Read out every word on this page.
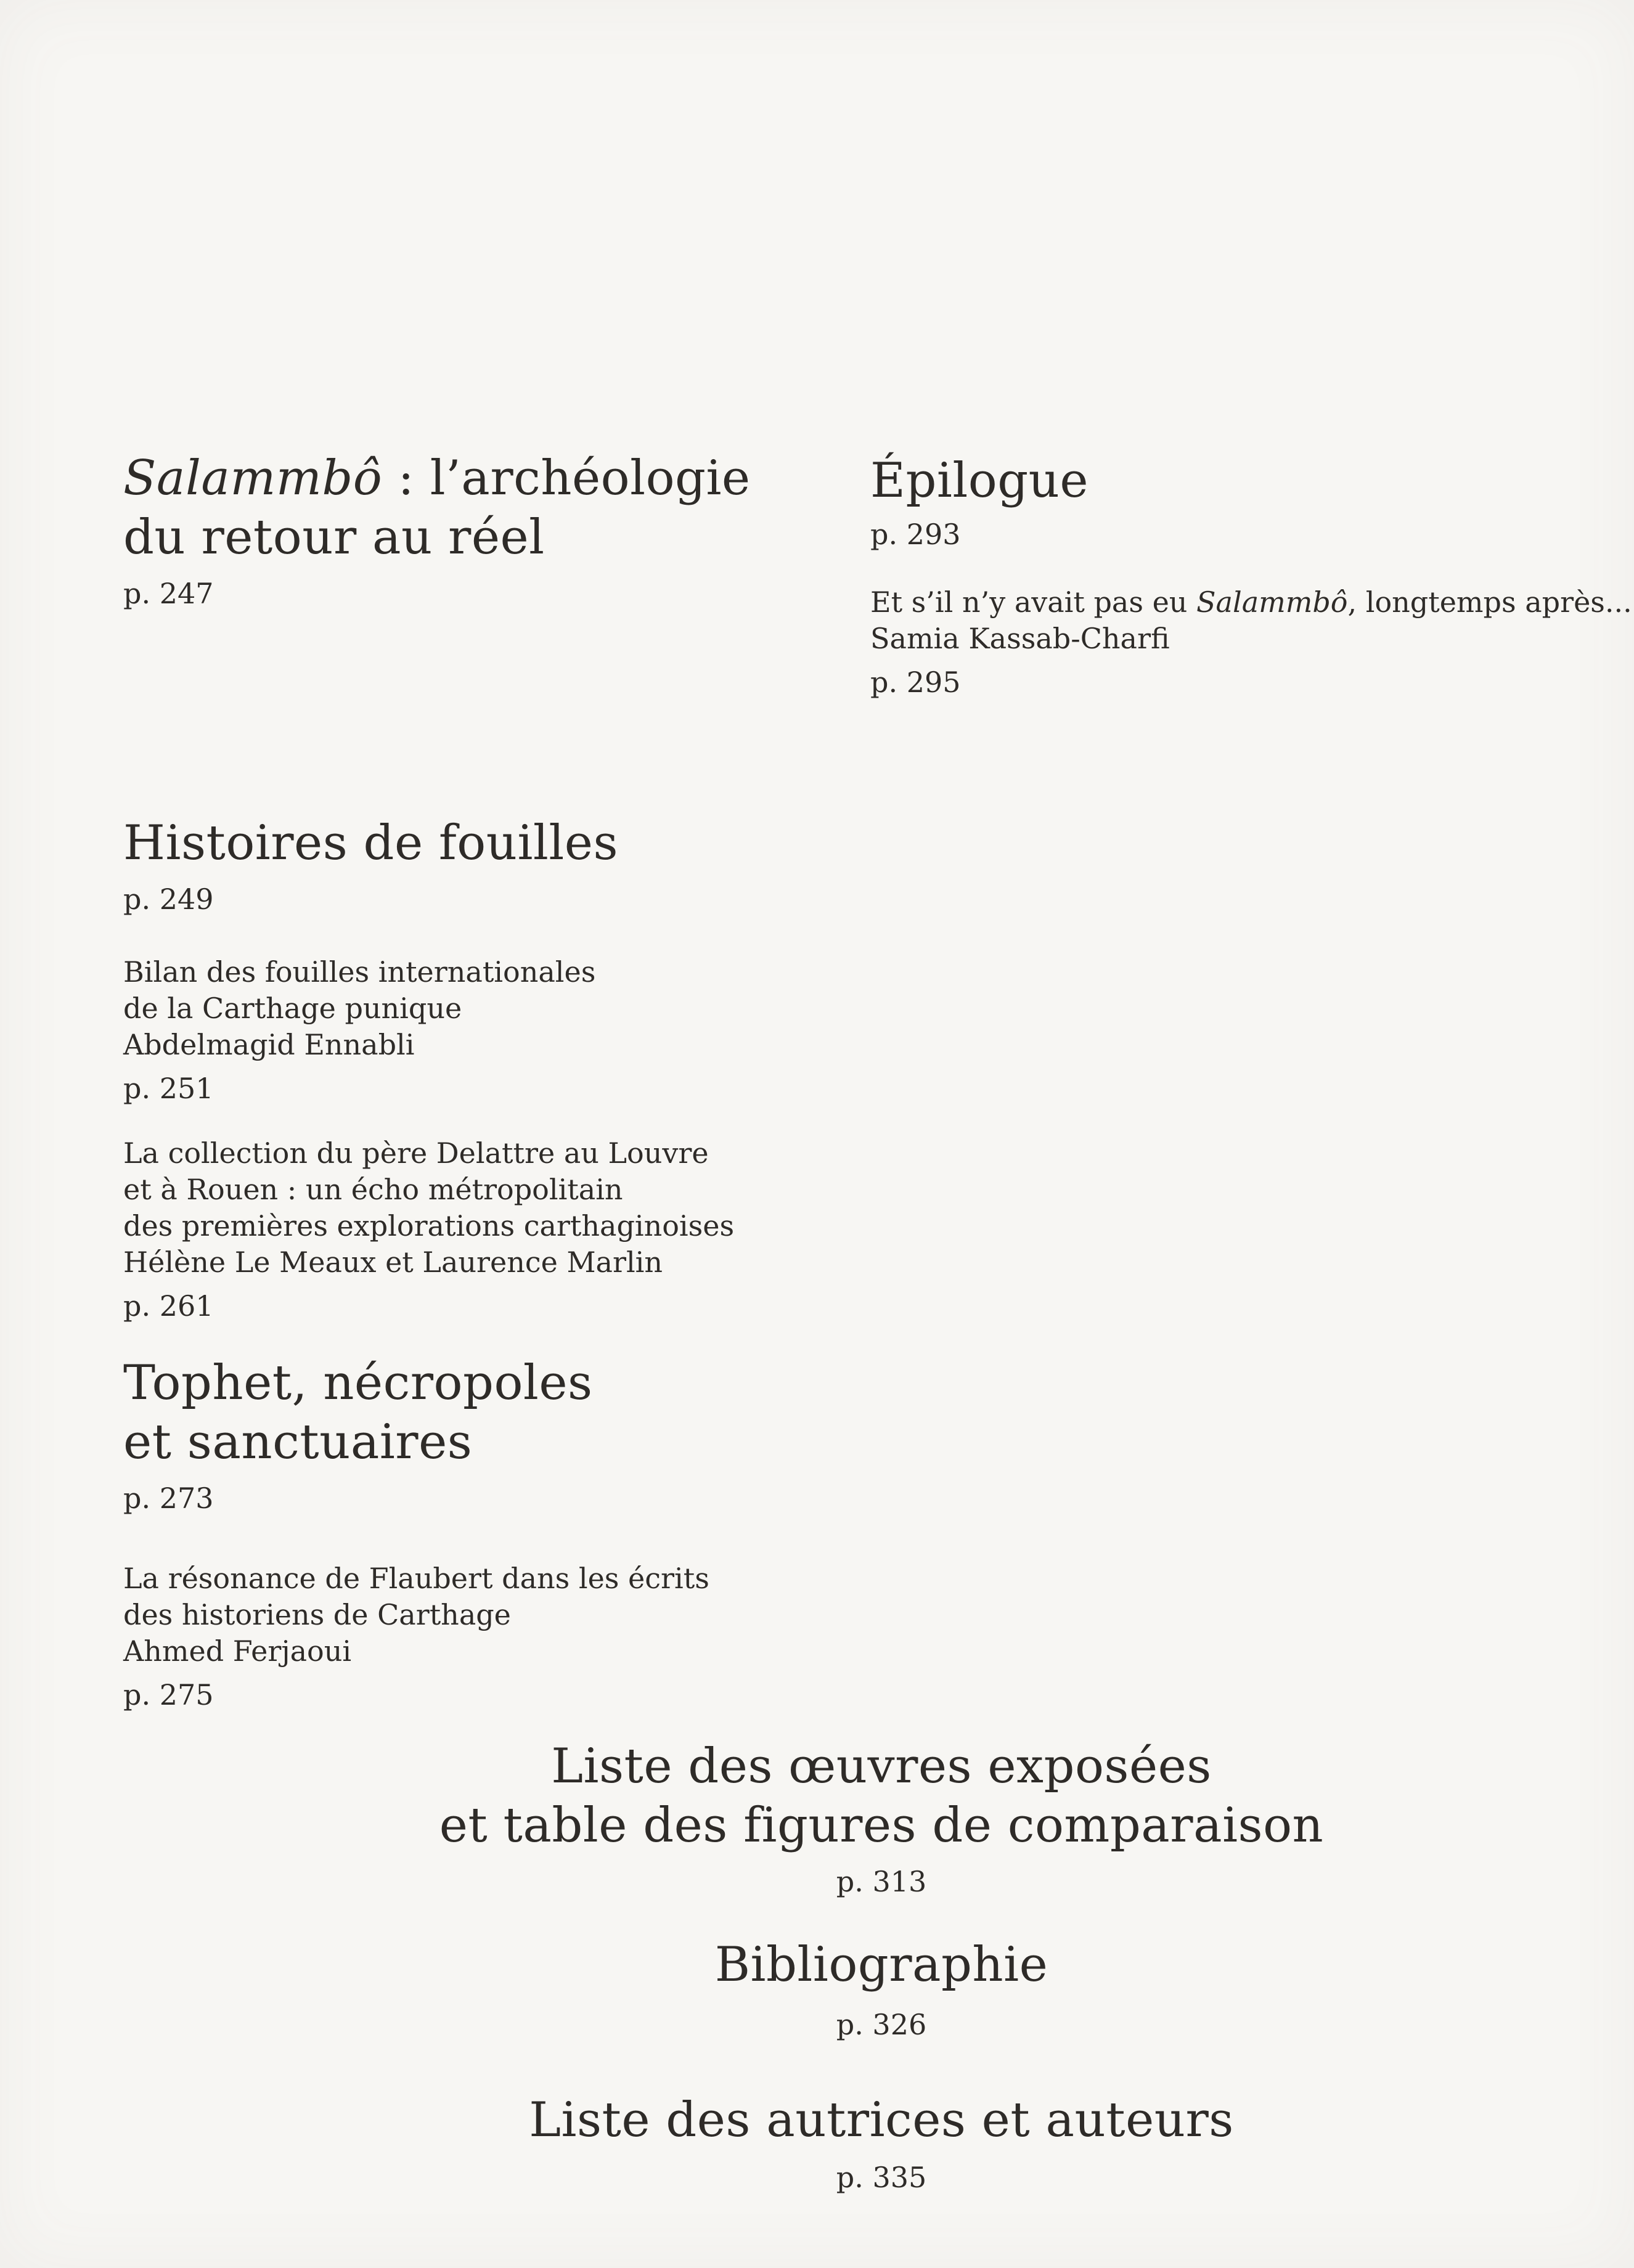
Salammbô : l’archéologie
du retour au réel
p. 247
Épilogue
p. 293
Et s’il n’y avait pas eu Salammbô, longtemps après...
Samia Kassab-Charfi
p. 295
Histoires de fouilles
p. 249
Bilan des fouilles internationales
de la Carthage punique
Abdelmagid Ennabli
p. 251
La collection du père Delattre au Louvre
et à Rouen : un écho métropolitain
des premières explorations carthaginoises
Hélène Le Meaux et Laurence Marlin
p. 261
Tophet, nécropoles
et sanctuaires
p. 273
La résonance de Flaubert dans les écrits
des historiens de Carthage
Ahmed Ferjaoui
p. 275
Liste des œuvres exposées
et table des figures de comparaison
p. 313
Bibliographie
p. 326
Liste des autrices et auteurs
p. 335
